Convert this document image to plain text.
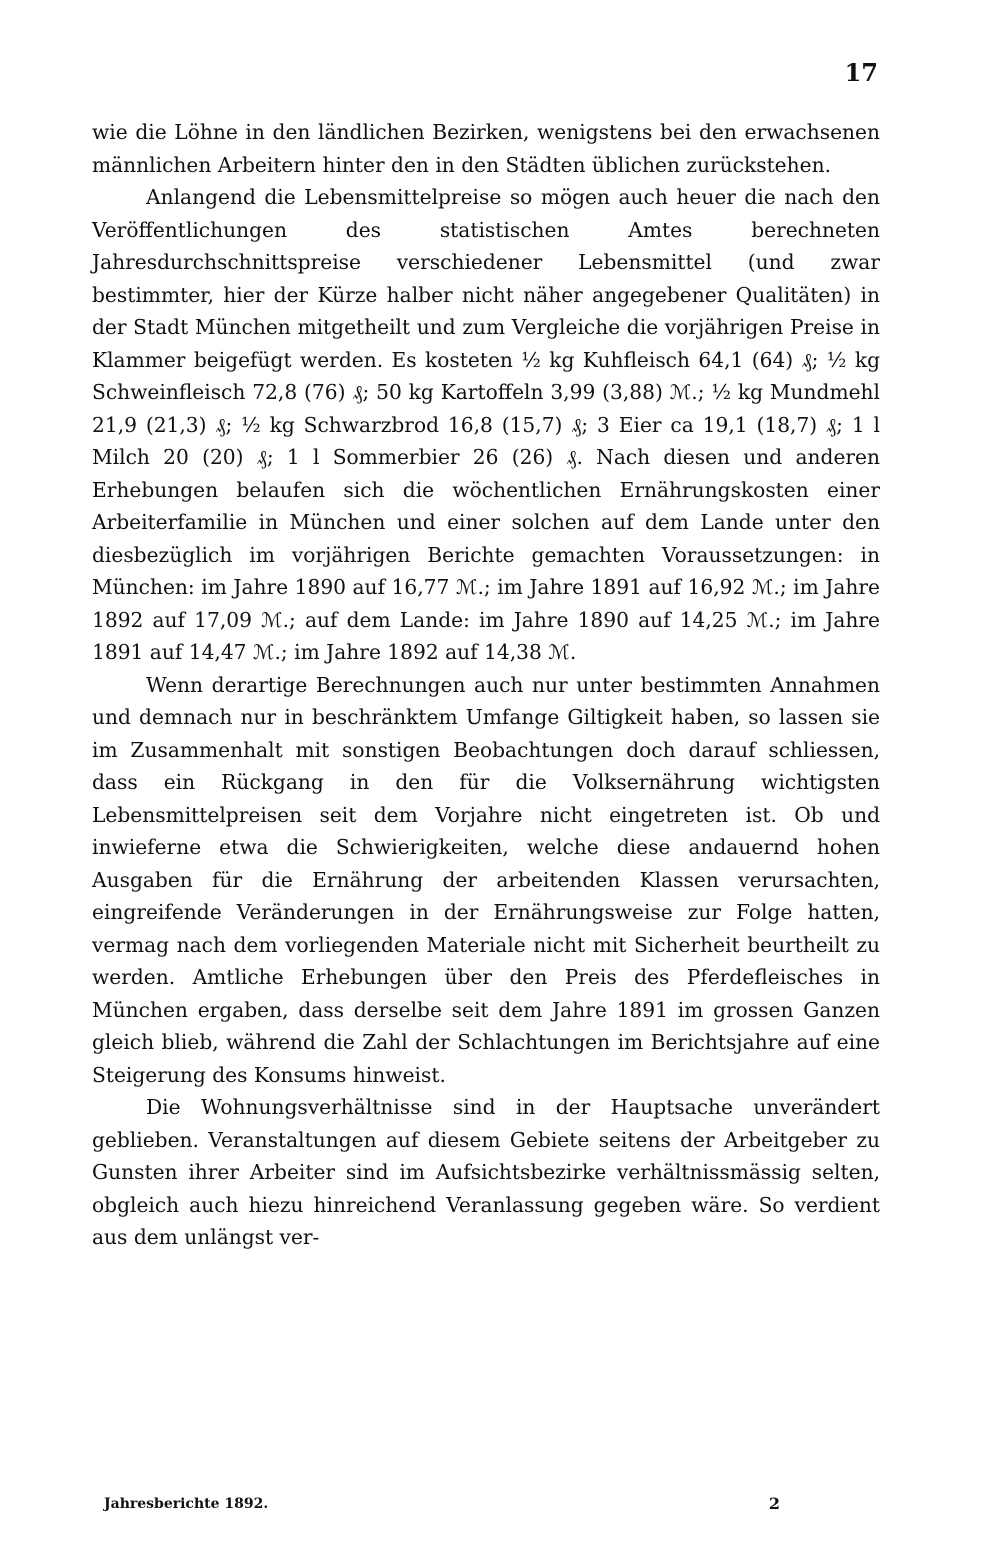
17

wie die Löhne in den ländlichen Bezirken, wenigstens bei den erwachsenen männlichen Arbeitern hinter den in den Städten üblichen zurückstehen.

Anlangend die Lebensmittelpreise so mögen auch heuer die nach den Veröffentlichungen des statistischen Amtes berechneten Jahresdurchschnittspreise verschiedener Lebensmittel (und zwar bestimmter, hier der Kürze halber nicht näher angegebener Qualitäten) in der Stadt München mitgetheilt und zum Vergleiche die vorjährigen Preise in Klammer beigefügt werden. Es kosteten ½ kg Kuhfleisch 64,1 (64) ₰; ½ kg Schweinfleisch 72,8 (76) ₰; 50 kg Kartoffeln 3,99 (3,88) ℳ.; ½ kg Mundmehl 21,9 (21,3) ₰; ½ kg Schwarzbrod 16,8 (15,7) ₰; 3 Eier ca 19,1 (18,7) ₰; 1 l Milch 20 (20) ₰; 1 l Sommerbier 26 (26) ₰. Nach diesen und anderen Erhebungen belaufen sich die wöchentlichen Ernährungskosten einer Arbeiterfamilie in München und einer solchen auf dem Lande unter den diesbezüglich im vorjährigen Berichte gemachten Voraussetzungen: in München: im Jahre 1890 auf 16,77 ℳ.; im Jahre 1891 auf 16,92 ℳ.; im Jahre 1892 auf 17,09 ℳ.; auf dem Lande: im Jahre 1890 auf 14,25 ℳ.; im Jahre 1891 auf 14,47 ℳ.; im Jahre 1892 auf 14,38 ℳ.

Wenn derartige Berechnungen auch nur unter bestimmten Annahmen und demnach nur in beschränktem Umfange Giltigkeit haben, so lassen sie im Zusammenhalt mit sonstigen Beobachtungen doch darauf schliessen, dass ein Rückgang in den für die Volksernährung wichtigsten Lebensmittelpreisen seit dem Vorjahre nicht eingetreten ist. Ob und inwieferne etwa die Schwierigkeiten, welche diese andauernd hohen Ausgaben für die Ernährung der arbeitenden Klassen verursachten, eingreifende Veränderungen in der Ernährungsweise zur Folge hatten, vermag nach dem vorliegenden Materiale nicht mit Sicherheit beurtheilt zu werden. Amtliche Erhebungen über den Preis des Pferdefleisches in München ergaben, dass derselbe seit dem Jahre 1891 im grossen Ganzen gleich blieb, während die Zahl der Schlachtungen im Berichtsjahre auf eine Steigerung des Konsums hinweist.

Die Wohnungsverhältnisse sind in der Hauptsache unverändert geblieben. Veranstaltungen auf diesem Gebiete seitens der Arbeitgeber zu Gunsten ihrer Arbeiter sind im Aufsichtsbezirke verhältnissmässig selten, obgleich auch hiezu hinreichend Veranlassung gegeben wäre. So verdient aus dem unlängst ver-

Jahresberichte 1892.	2
